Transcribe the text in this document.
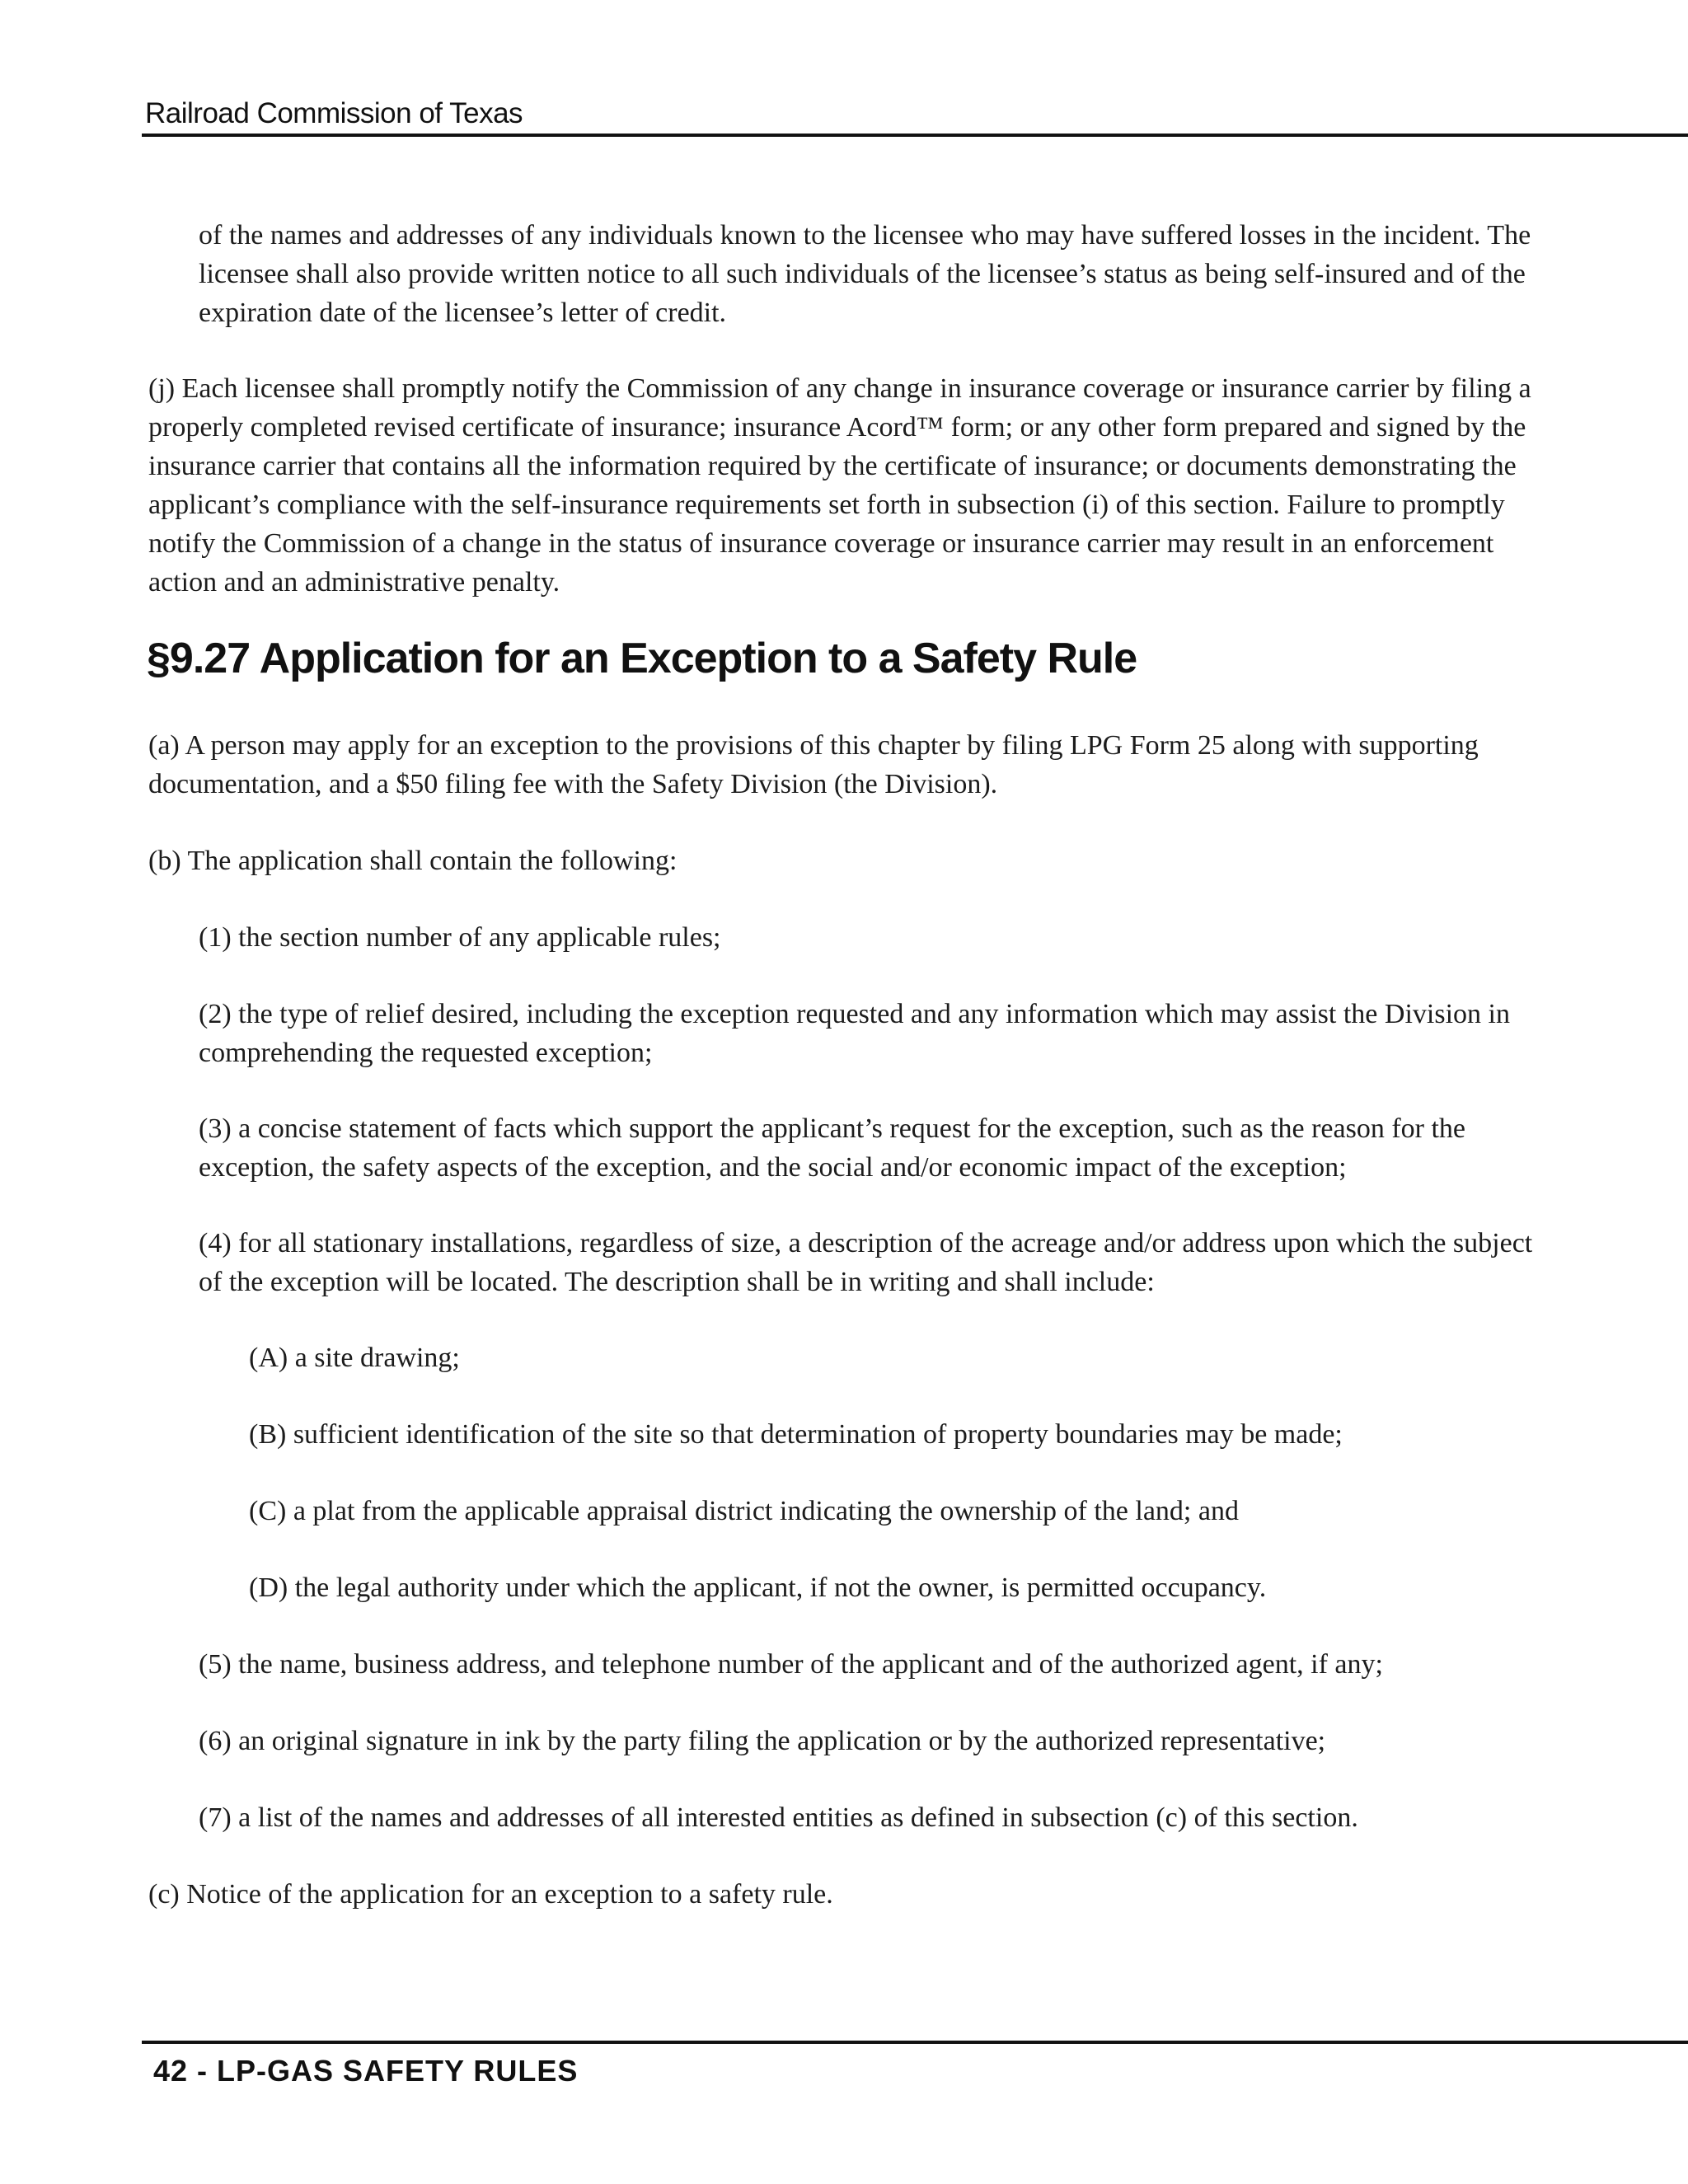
Railroad Commission of Texas

of the names and addresses of any individuals known to the licensee who may have suffered losses in the incident. The licensee shall also provide written notice to all such individuals of the licensee’s status as being self-insured and of the expiration date of the licensee’s letter of credit.

(j) Each licensee shall promptly notify the Commission of any change in insurance coverage or insurance carrier by filing a properly completed revised certificate of insurance; insurance Acord™ form; or any other form prepared and signed by the insurance carrier that contains all the information required by the certificate of insurance; or documents demonstrating the applicant’s compliance with the self-insurance requirements set forth in subsection (i) of this section. Failure to promptly notify the Commission of a change in the status of insurance coverage or insurance carrier may result in an enforcement action and an administrative penalty.

§9.27 Application for an Exception to a Safety Rule

(a) A person may apply for an exception to the provisions of this chapter by filing LPG Form 25 along with supporting documentation, and a $50 filing fee with the Safety Division (the Division).

(b) The application shall contain the following:

(1) the section number of any applicable rules;

(2) the type of relief desired, including the exception requested and any information which may assist the Division in comprehending the requested exception;

(3) a concise statement of facts which support the applicant’s request for the exception, such as the reason for the exception, the safety aspects of the exception, and the social and/or economic impact of the exception;

(4) for all stationary installations, regardless of size, a description of the acreage and/or address upon which the subject of the exception will be located. The description shall be in writing and shall include:

(A) a site drawing;

(B) sufficient identification of the site so that determination of property boundaries may be made;

(C) a plat from the applicable appraisal district indicating the ownership of the land; and

(D) the legal authority under which the applicant, if not the owner, is permitted occupancy.

(5) the name, business address, and telephone number of the applicant and of the authorized agent, if any;

(6) an original signature in ink by the party filing the application or by the authorized representative;

(7) a list of the names and addresses of all interested entities as defined in subsection (c) of this section.

(c) Notice of the application for an exception to a safety rule.

42 - LP-GAS SAFETY RULES
